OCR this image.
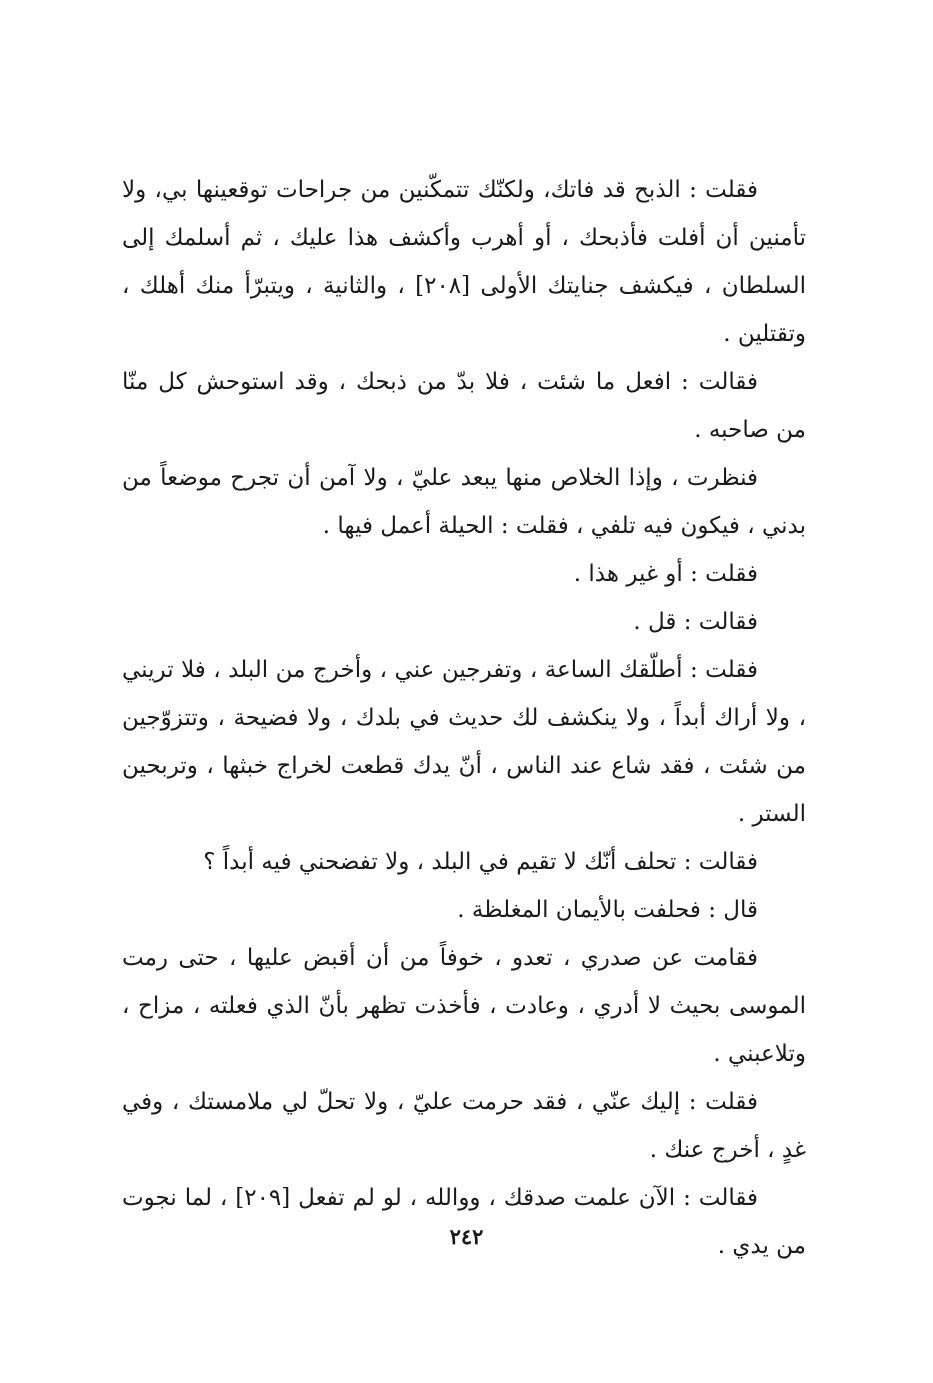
فقلت : الذبح قد فاتك، ولكنّك تتمكّنين من جراحات توقعينها بي، ولا تأمنين أن أفلت فأذبحك ، أو أهرب وأكشف هذا عليك ، ثم أسلمك إلى السلطان ، فيكشف جنايتك الأولى [٢٠٨] ، والثانية ، ويتبرّأ منك أهلك ، وتقتلين .

فقالت : افعل ما شئت ، فلا بدّ من ذبحك ، وقد استوحش كل منّا من صاحبه .

فنظرت ، وإذا الخلاص منها يبعد عليّ ، ولا آمن أن تجرح موضعاً من بدني ، فيكون فيه تلفي ، فقلت : الحيلة أعمل فيها .

فقلت : أو غير هذا .

فقالت : قل .

فقلت : أطلّقك الساعة ، وتفرجين عني ، وأخرج من البلد ، فلا تريني ، ولا أراك أبداً ، ولا ينكشف لك حديث في بلدك ، ولا فضيحة ، وتتزوّجين من شئت ، فقد شاع عند الناس ، أنّ يدك قطعت لخراج خبثها ، وتربحين الستر .

فقالت : تحلف أنّك لا تقيم في البلد ، ولا تفضحني فيه أبداً ؟

قال : فحلفت بالأيمان المغلظة .

فقامت عن صدري ، تعدو ، خوفاً من أن أقبض عليها ، حتى رمت الموسى بحيث لا أدري ، وعادت ، فأخذت تظهر بأنّ الذي فعلته ، مزاح ، وتلاعبني .

فقلت : إليك عنّي ، فقد حرمت عليّ ، ولا تحلّ لي ملامستك ، وفي غدٍ ، أخرج عنك .

فقالت : الآن علمت صدقك ، ووالله ، لو لم تفعل [٢٠٩] ، لما نجوت من يدي .

٢٤٢
